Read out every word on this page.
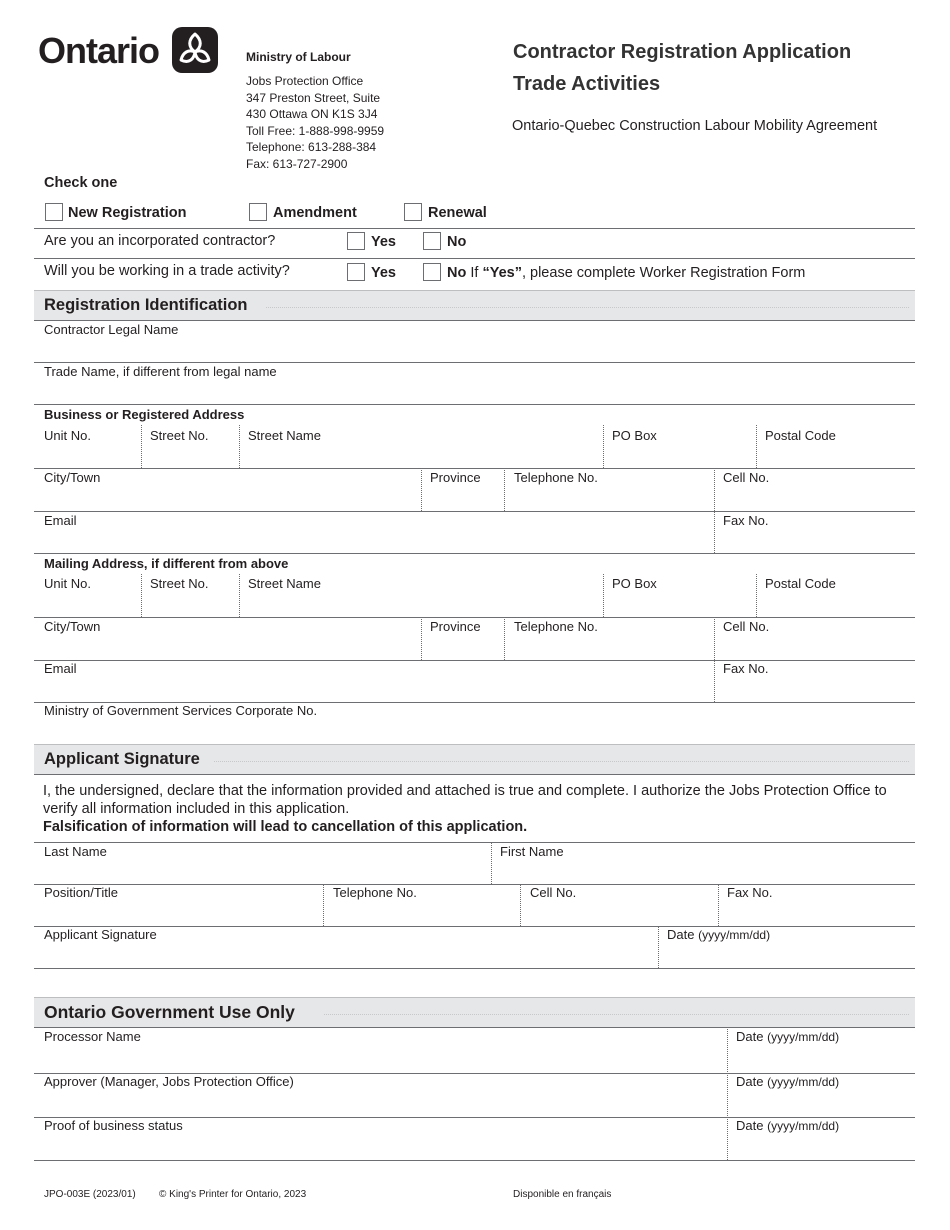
Ontario	Ministry of Labour
Jobs Protection Office
347 Preston Street, Suite
430 Ottawa ON K1S 3J4
Toll Free: 1-888-998-9959
Telephone: 613-288-384
Fax: 613-727-2900
Contractor Registration Application
Trade Activities
Ontario-Quebec Construction Labour Mobility Agreement
Check one
New Registration	Amendment	Renewal
Are you an incorporated contractor?	Yes	No
Will you be working in a trade activity?	Yes	No If “Yes”, please complete Worker Registration Form
Registration Identification
Contractor Legal Name
Trade Name, if different from legal name
Business or Registered Address
Unit No.	Street No.	Street Name	PO Box	Postal Code
City/Town	Province	Telephone No.	Cell No.
Email	Fax No.
Mailing Address, if different from above
Unit No.	Street No.	Street Name	PO Box	Postal Code
City/Town	Province	Telephone No.	Cell No.
Email	Fax No.
Ministry of Government Services Corporate No.
Applicant Signature
I, the undersigned, declare that the information provided and attached is true and complete. I authorize the Jobs Protection Office to verify all information included in this application.
Falsification of information will lead to cancellation of this application.
Last Name	First Name
Position/Title	Telephone No.	Cell No.	Fax No.
Applicant Signature	Date (yyyy/mm/dd)
Ontario Government Use Only
Processor Name	Date (yyyy/mm/dd)
Approver (Manager, Jobs Protection Office)	Date (yyyy/mm/dd)
Proof of business status	Date (yyyy/mm/dd)
JPO-003E (2023/01) © King's Printer for Ontario, 2023	Disponible en français
